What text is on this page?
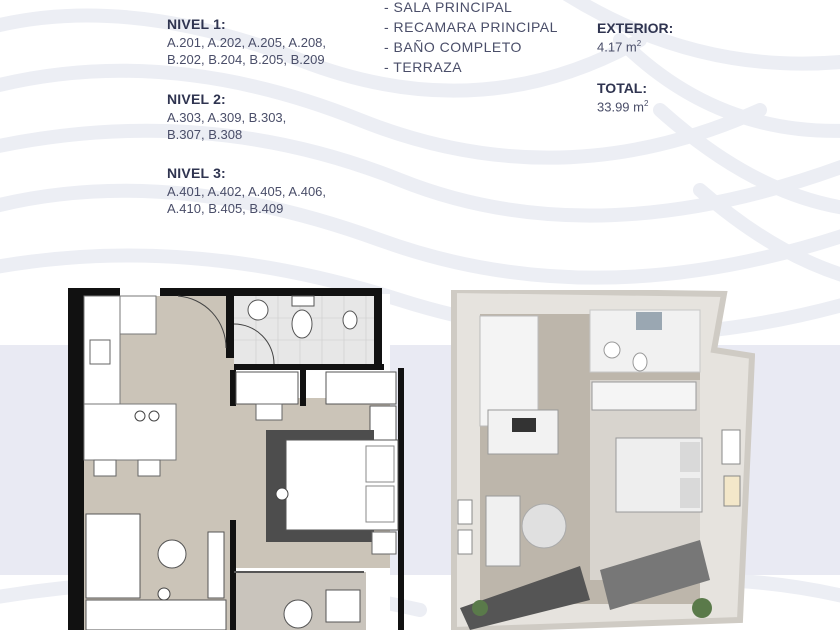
NIVEL 1:
A.201, A.202, A.205, A.208,
B.202, B.204, B.205, B.209
NIVEL 2:
A.303, A.309, B.303,
B.307, B.308
NIVEL 3:
A.401, A.402, A.405, A.406,
A.410, B.405, B.409
- SALA PRINCIPAL
- RECAMARA PRINCIPAL
- BAÑO COMPLETO
- TERRAZA
EXTERIOR:
4.17 $m^2$
TOTAL:
33.99 $m^2$
